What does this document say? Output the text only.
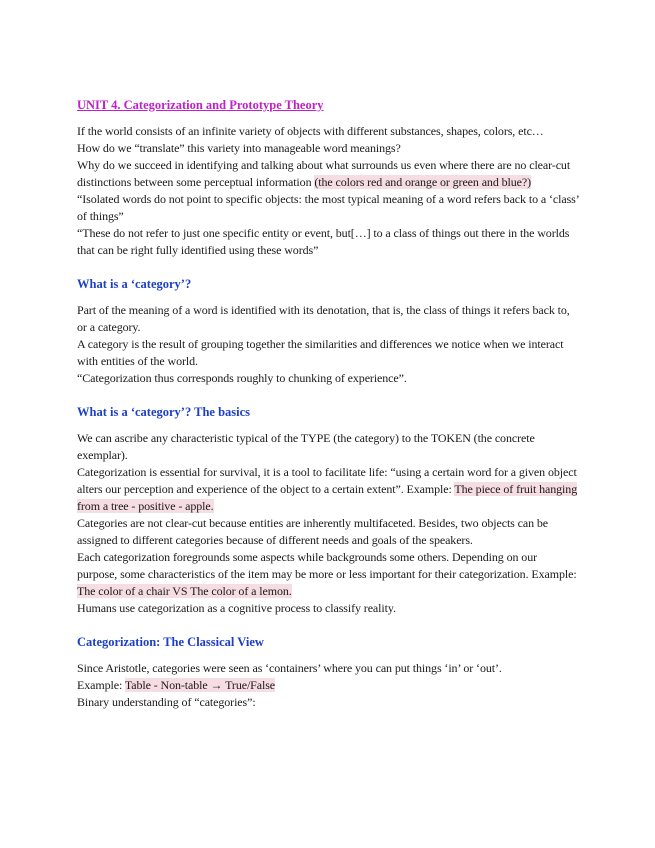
UNIT 4. Categorization and Prototype Theory

If the world consists of an infinite variety of objects with different substances, shapes, colors, etc…

How do we “translate” this variety into manageable word meanings?

Why do we succeed in identifying and talking about what surrounds us even where there are no clear-cut distinctions between some perceptual information (the colors red and orange or green and blue?)

“Isolated words do not point to specific objects: the most typical meaning of a word refers back to a ‘class’ of things”

“These do not refer to just one specific entity or event, but[…] to a class of things out there in the worlds that can be right fully identified using these words”

What is a ‘category’?

Part of the meaning of a word is identified with its denotation, that is, the class of things it refers back to, or a category.

A category is the result of grouping together the similarities and differences we notice when we interact with entities of the world.

“Categorization thus corresponds roughly to chunking of experience”.

What is a ‘category’? The basics

We can ascribe any characteristic typical of the TYPE (the category) to the TOKEN (the concrete exemplar).

Categorization is essential for survival, it is a tool to facilitate life: “using a certain word for a given object alters our perception and experience of the object to a certain extent”. Example: The piece of fruit hanging from a tree - positive - apple.

Categories are not clear-cut because entities are inherently multifaceted. Besides, two objects can be assigned to different categories because of different needs and goals of the speakers.

Each categorization foregrounds some aspects while backgrounds some others. Depending on our purpose, some characteristics of the item may be more or less important for their categorization. Example: The color of a chair VS The color of a lemon.

Humans use categorization as a cognitive process to classify reality.

Categorization: The Classical View

Since Aristotle, categories were seen as ‘containers’ where you can put things ‘in’ or ‘out’.

Example: Table - Non-table → True/False

Binary understanding of “categories”:
